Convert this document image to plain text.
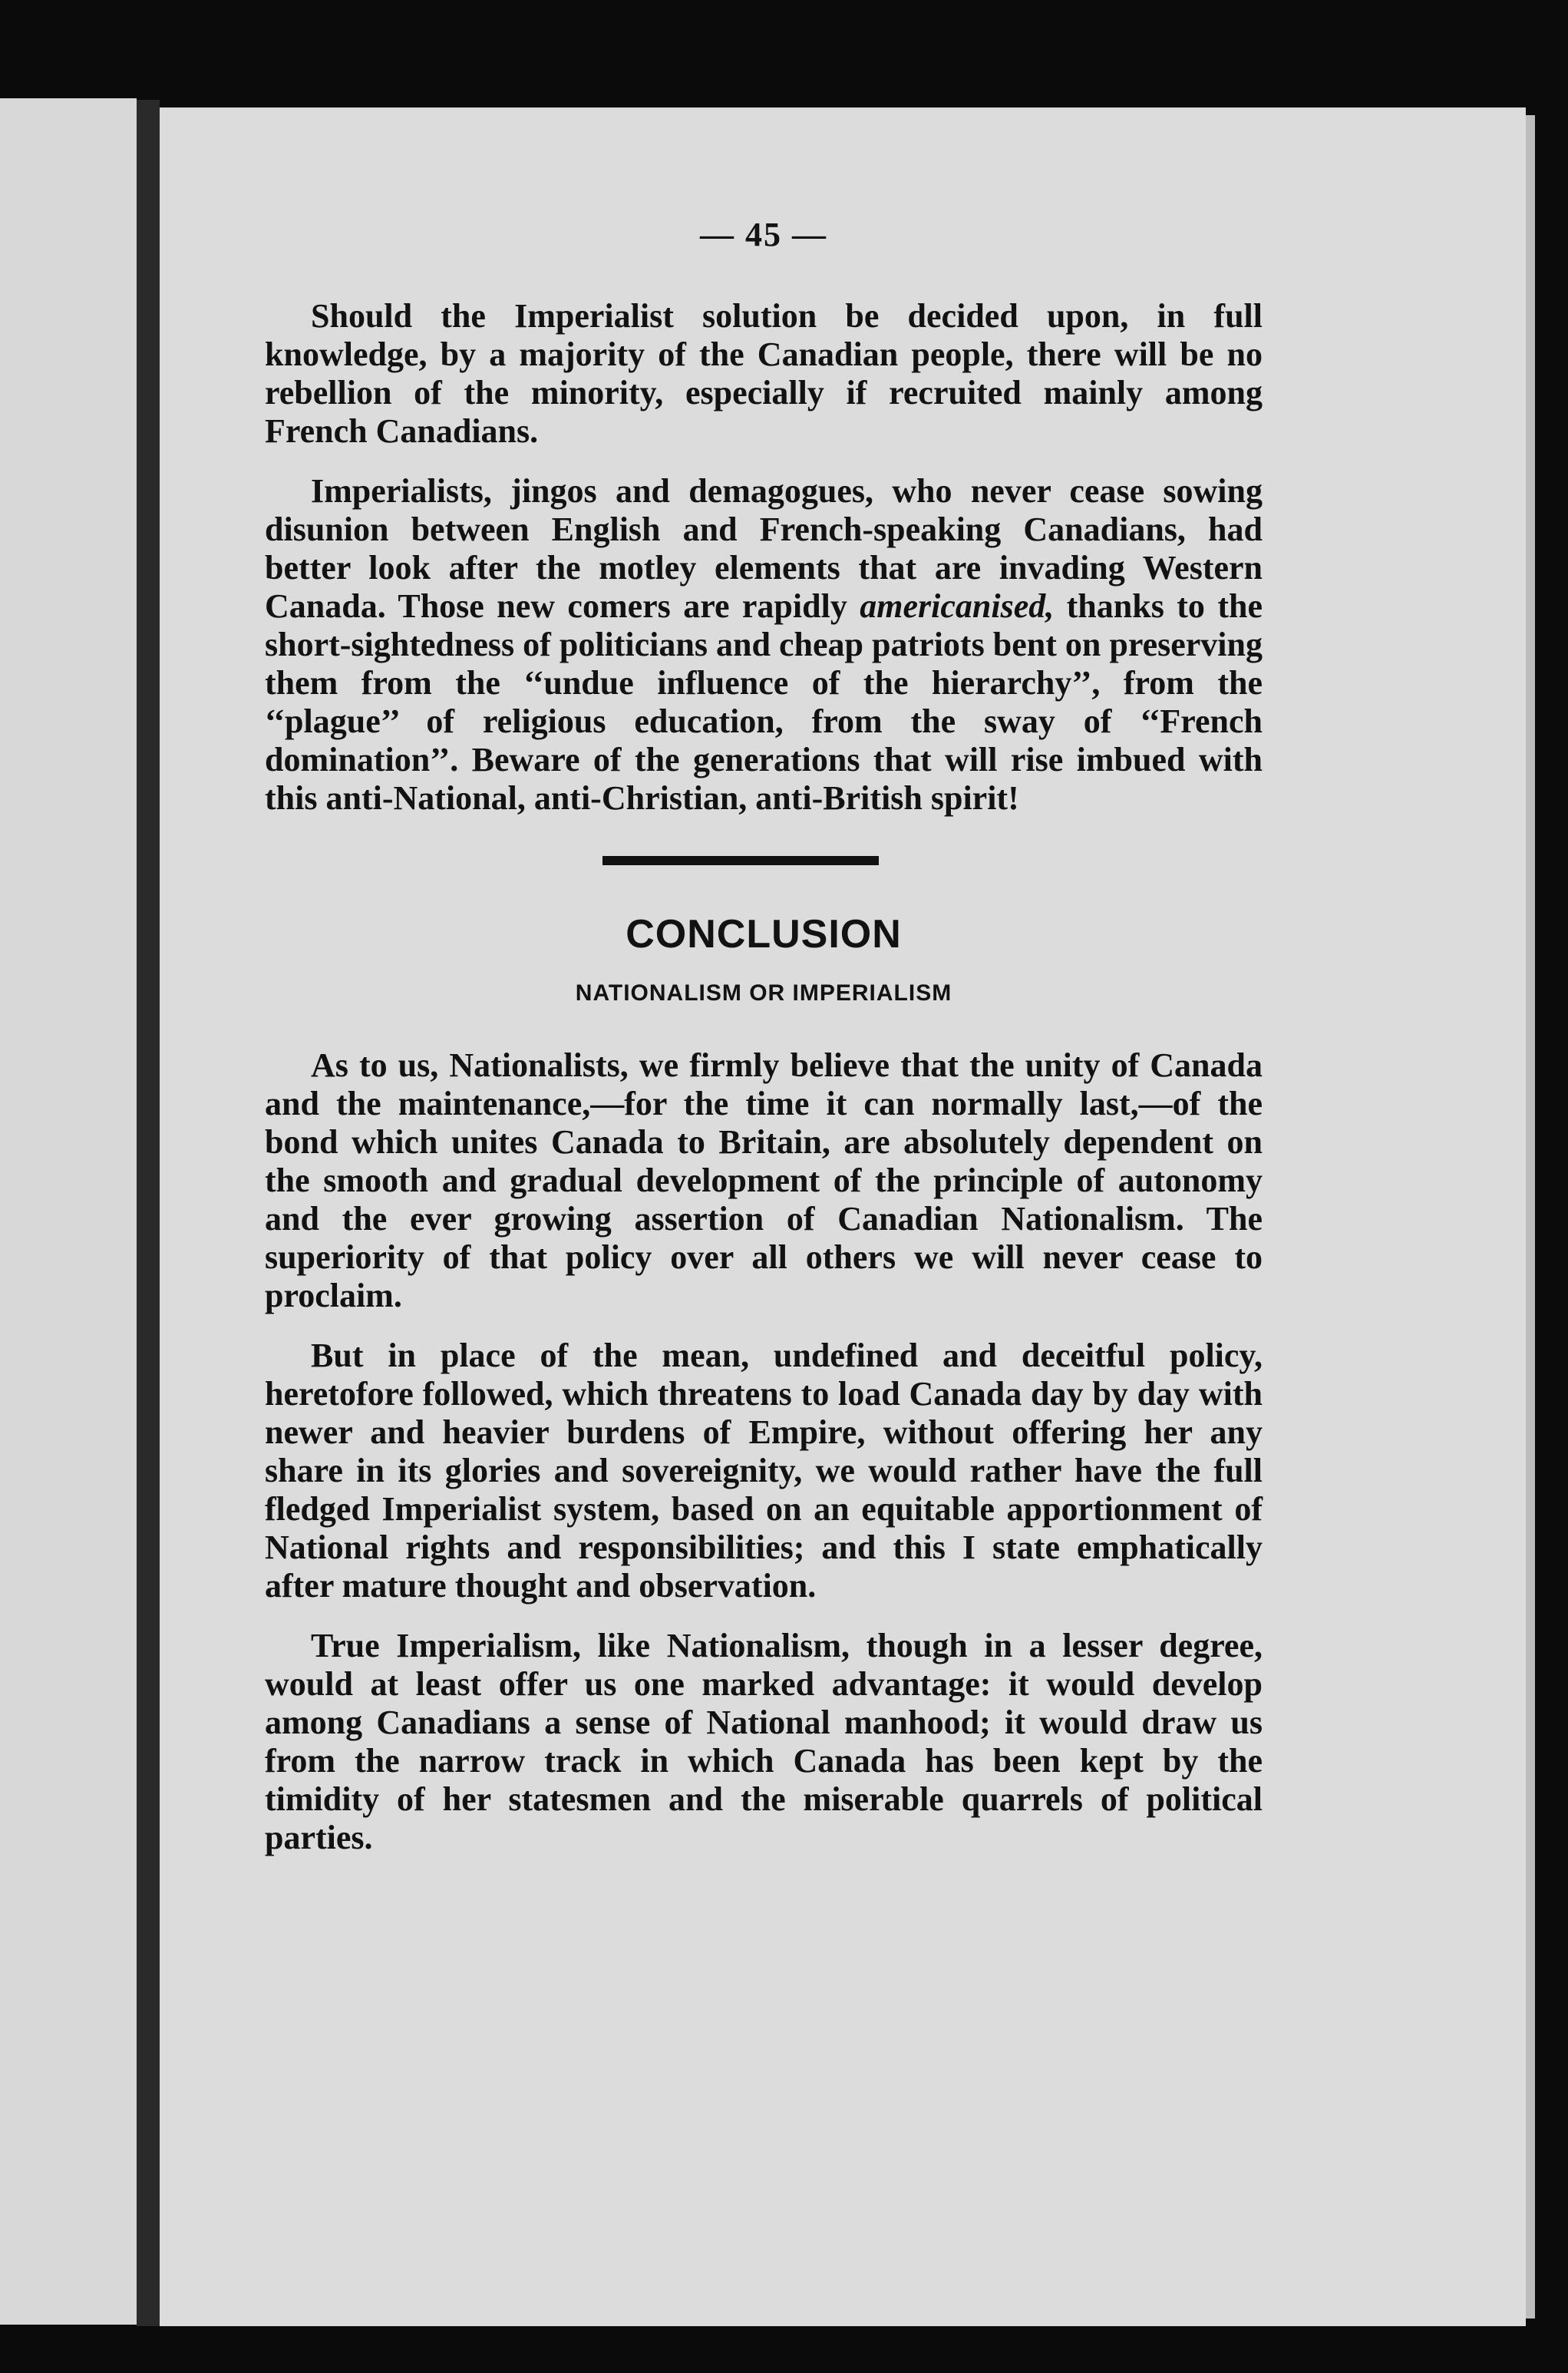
— 45 —

Should the Imperialist solution be decided upon, in full knowledge, by a majority of the Canadian people, there will be no rebellion of the minority, especially if recruited mainly among French Canadians.

Imperialists, jingos and demagogues, who never cease sowing disunion between English and French-speaking Canadians, had better look after the motley elements that are invading Western Canada. Those new comers are rapidly americanised, thanks to the short-sightedness of politicians and cheap patriots bent on preserving them from the ‘‘undue influence of the hierarchy’’, from the ‘‘plague’’ of religious education, from the sway of ‘‘French domination’’. Beware of the generations that will rise imbued with this anti-National, anti-Christian, anti-British spirit!

CONCLUSION
NATIONALISM OR IMPERIALISM

As to us, Nationalists, we firmly believe that the unity of Canada and the maintenance,—for the time it can normally last,—of the bond which unites Canada to Britain, are absolutely dependent on the smooth and gradual development of the principle of autonomy and the ever growing assertion of Canadian Nationalism. The superiority of that policy over all others we will never cease to proclaim.

But in place of the mean, undefined and deceitful policy, heretofore followed, which threatens to load Canada day by day with newer and heavier burdens of Empire, without offering her any share in its glories and sovereignity, we would rather have the full fledged Imperialist system, based on an equitable apportionment of National rights and responsibilities; and this I state emphatically after mature thought and observation.

True Imperialism, like Nationalism, though in a lesser degree, would at least offer us one marked advantage: it would develop among Canadians a sense of National manhood; it would draw us from the narrow track in which Canada has been kept by the timidity of her statesmen and the miserable quarrels of political parties.
